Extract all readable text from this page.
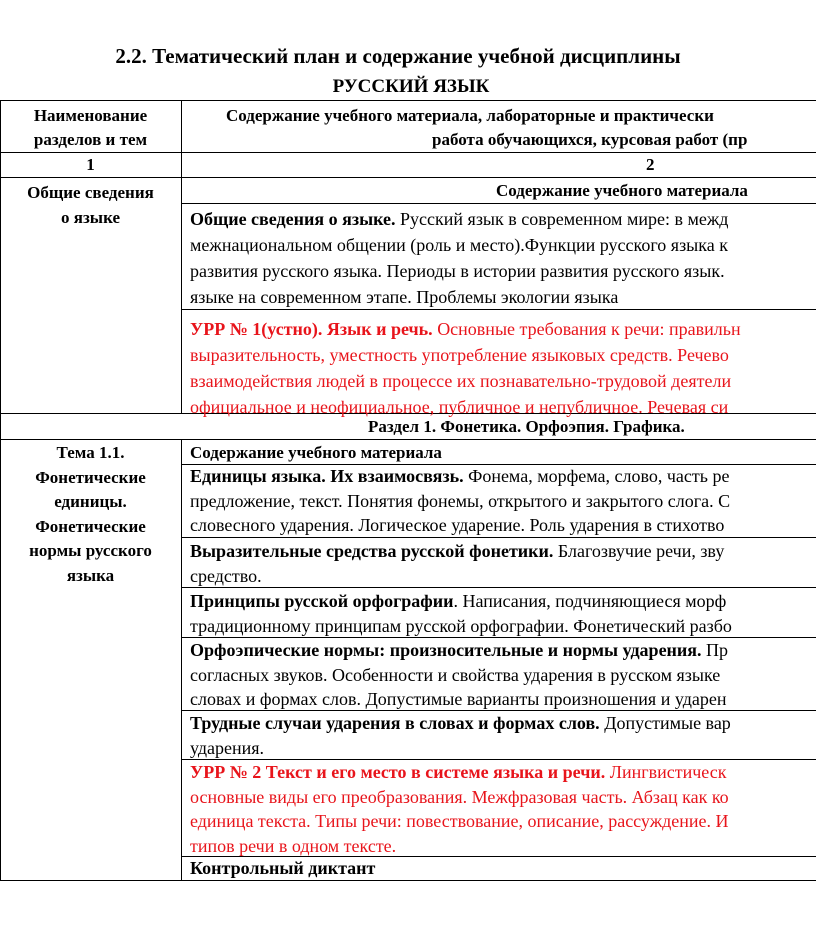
2.2. Тематический план и содержание учебной дисциплины
РУССКИЙ ЯЗЫК
Наименование
разделов и тем
Содержание учебного материала, лабораторные и практически
работа обучающихся, курсовая работ (пр
1	2
Общие сведения
о языке
Содержание учебного материала
Общие сведения о языке. Русский язык в современном мире: в межд
межнациональном общении (роль и место).Функции русского языка к
развития русского языка. Периоды в истории развития русского язык.
языке на современном этапе. Проблемы экологии языка
УРР № 1(устно). Язык и речь. Основные требования к речи: правильн
выразительность, уместность употребление языковых средств. Речево
взаимодействия людей в процессе их познавательно-трудовой деятели
официальное и неофициальное, публичное и непубличное. Речевая си
Раздел 1. Фонетика. Орфоэпия. Графика.
Тема 1.1.
Фонетические
единицы.
Фонетические
нормы русского
языка
Содержание учебного материала
Единицы языка. Их взаимосвязь. Фонема, морфема, слово, часть ре
предложение, текст. Понятия фонемы, открытого и закрытого слога. С
словесного ударения. Логическое ударение. Роль ударения в стихотво
Выразительные средства русской фонетики. Благозвучие речи, зву
средство.
Принципы русской орфографии. Написания, подчиняющиеся морф
традиционному принципам русской орфографии. Фонетический разбо
Орфоэпические нормы: произносительные и нормы ударения. Пр
согласных звуков. Особенности и свойства ударения в русском языке
словах и формах слов. Допустимые варианты произношения и ударен
Трудные случаи ударения в словах и формах слов. Допустимые вар
ударения.
УРР № 2 Текст и его место в системе языка и речи. Лингвистическ
основные виды его преобразования. Межфразовая часть. Абзац как ко
единица текста. Типы речи: повествование, описание, рассуждение. И
типов речи в одном тексте.
Контрольный диктант
